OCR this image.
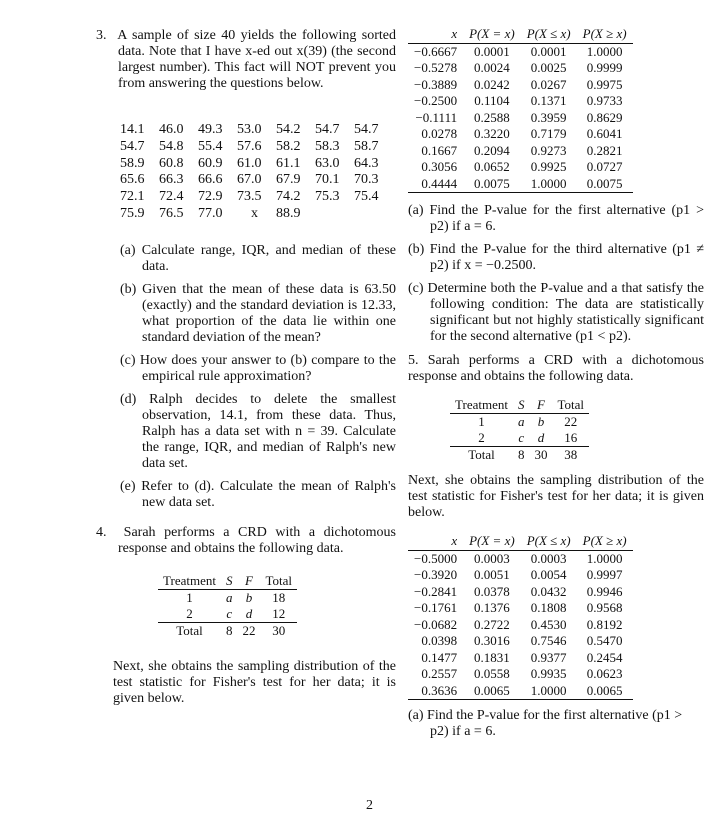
3. A sample of size 40 yields the following sorted data. Note that I have x-ed out x(39) (the second largest number). This fact will NOT prevent you from answering the questions below.
14.1	46.0	49.3	53.0	54.2	54.7	54.7
54.7	54.8	55.4	57.6	58.2	58.3	58.7
58.9	60.8	60.9	61.0	61.1	63.0	64.3
65.6	66.3	66.6	67.0	67.9	70.1	70.3
72.1	72.4	72.9	73.5	74.2	75.3	75.4
75.9	76.5	77.0	x	88.9
(a) Calculate range, IQR, and median of these data.
(b) Given that the mean of these data is 63.50 (exactly) and the standard deviation is 12.33, what proportion of the data lie within one standard deviation of the mean?
(c) How does your answer to (b) compare to the empirical rule approximation?
(d) Ralph decides to delete the smallest observation, 14.1, from these data. Thus, Ralph has a data set with n = 39. Calculate the range, IQR, and median of Ralph's new data set.
(e) Refer to (d). Calculate the mean of Ralph's new data set.
4. Sarah performs a CRD with a dichotomous response and obtains the following data.
Treatment	S	F	Total
1	a	b	18
2	c	d	12
Total	8	22	30
Next, she obtains the sampling distribution of the test statistic for Fisher's test for her data; it is given below.
x	P(X = x)	P(X ≤ x)	P(X ≥ x)
−0.6667	0.0001	0.0001	1.0000
−0.5278	0.0024	0.0025	0.9999
−0.3889	0.0242	0.0267	0.9975
−0.2500	0.1104	0.1371	0.9733
−0.1111	0.2588	0.3959	0.8629
0.0278	0.3220	0.7179	0.6041
0.1667	0.2094	0.9273	0.2821
0.3056	0.0652	0.9925	0.0727
0.4444	0.0075	1.0000	0.0075
(a) Find the P-value for the first alternative (p1 > p2) if a = 6.
(b) Find the P-value for the third alternative (p1 ≠ p2) if x = −0.2500.
(c) Determine both the P-value and a that satisfy the following condition: The data are statistically significant but not highly statistically significant for the second alternative (p1 < p2).
5. Sarah performs a CRD with a dichotomous response and obtains the following data.
Treatment	S	F	Total
1	a	b	22
2	c	d	16
Total	8	30	38
Next, she obtains the sampling distribution of the test statistic for Fisher's test for her data; it is given below.
x	P(X = x)	P(X ≤ x)	P(X ≥ x)
−0.5000	0.0003	0.0003	1.0000
−0.3920	0.0051	0.0054	0.9997
−0.2841	0.0378	0.0432	0.9946
−0.1761	0.1376	0.1808	0.9568
−0.0682	0.2722	0.4530	0.8192
0.0398	0.3016	0.7546	0.5470
0.1477	0.1831	0.9377	0.2454
0.2557	0.0558	0.9935	0.0623
0.3636	0.0065	1.0000	0.0065
(a) Find the P-value for the first alternative (p1 > p2) if a = 6.
2
